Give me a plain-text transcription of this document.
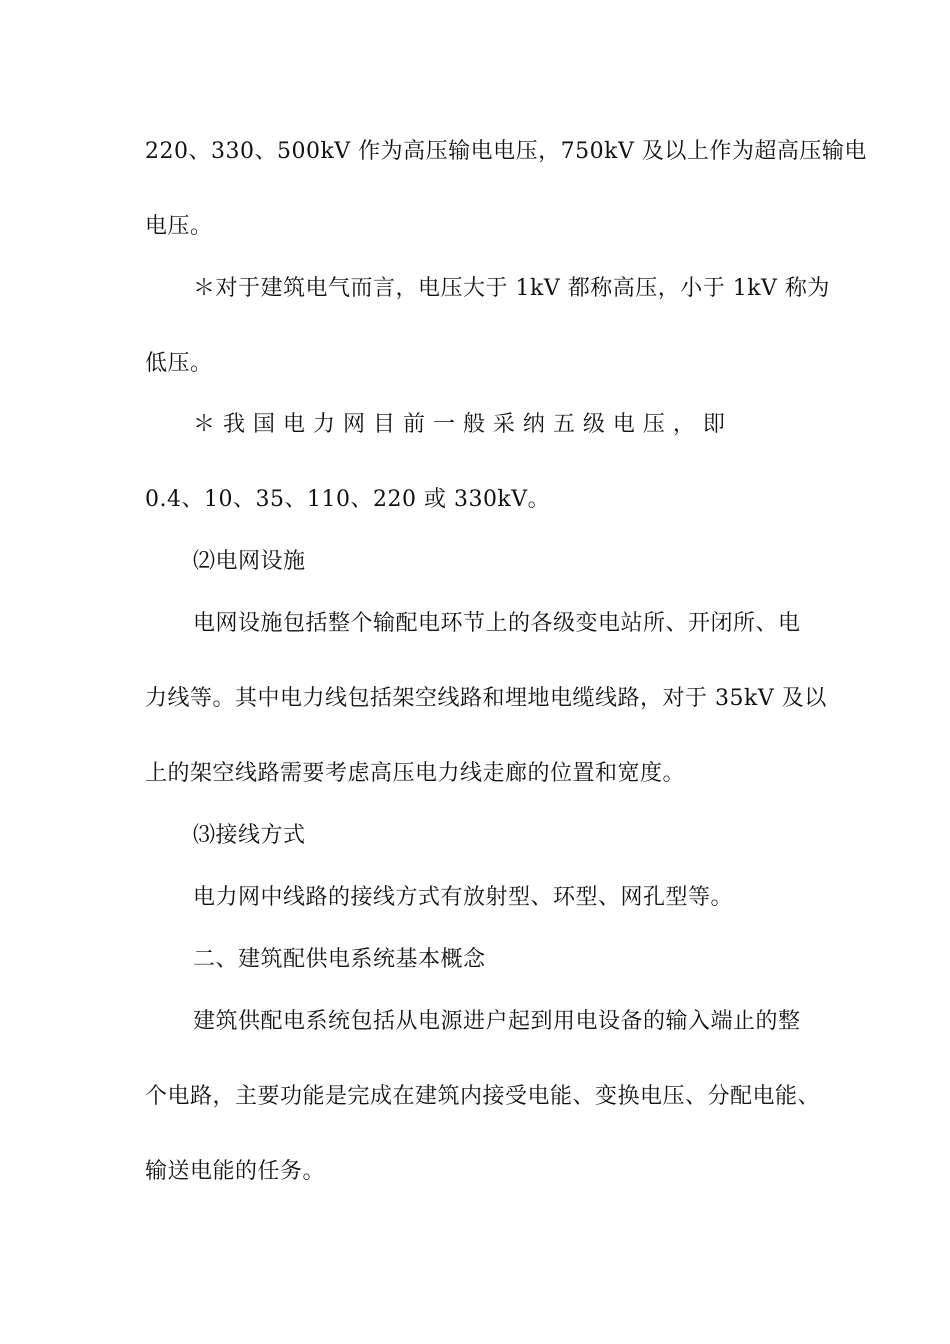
220、330、500kV 作为高压输电电压，750kV 及以上作为超高压输电
电压。
＊对于建筑电气而言，电压大于 1kV 都称高压，小于 1kV 称为
低压。
＊ 我 国 电 力 网 目 前 一 般 采 纳 五 级 电 压 ， 即
0.4、10、35、110、220 或 330kV。
⑵电网设施
电网设施包括整个输配电环节上的各级变电站所、开闭所、电
力线等。其中电力线包括架空线路和埋地电缆线路，对于 35kV 及以
上的架空线路需要考虑高压电力线走廊的位置和宽度。
⑶接线方式
电力网中线路的接线方式有放射型、环型、网孔型等。
二、建筑配供电系统基本概念
建筑供配电系统包括从电源进户起到用电设备的输入端止的整
个电路，主要功能是完成在建筑内接受电能、变换电压、分配电能、
输送电能的任务。
